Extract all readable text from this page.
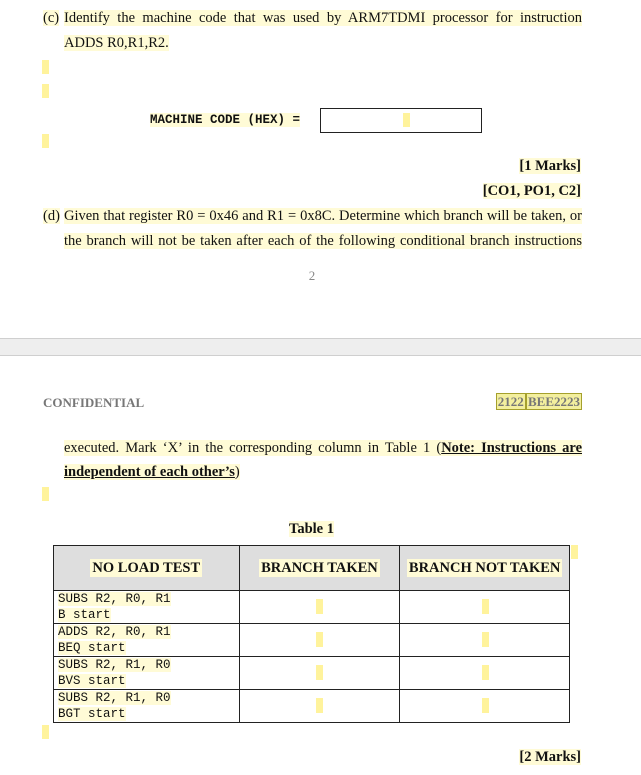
(c) Identify the machine code that was used by ARM7TDMI processor for instruction
ADDS R0,R1,R2.
MACHINE CODE (HEX) =
[1 Marks]
[CO1, PO1, C2]
(d) Given that register R0 = 0x46 and R1 = 0x8C. Determine which branch will be taken, or
the branch will not be taken after each of the following conditional branch instructions
2
CONFIDENTIAL	2122 BEE2223
executed. Mark ‘X’ in the corresponding column in Table 1 (Note: Instructions are
independent of each other’s)
Table 1
NO LOAD TEST	BRANCH TAKEN	BRANCH NOT TAKEN

SUBS R2, R0, R1
B start		

ADDS R2, R0, R1
BEQ start		

SUBS R2, R1, R0
BVS start		

SUBS R2, R1, R0
BGT start		

[2 Marks]
